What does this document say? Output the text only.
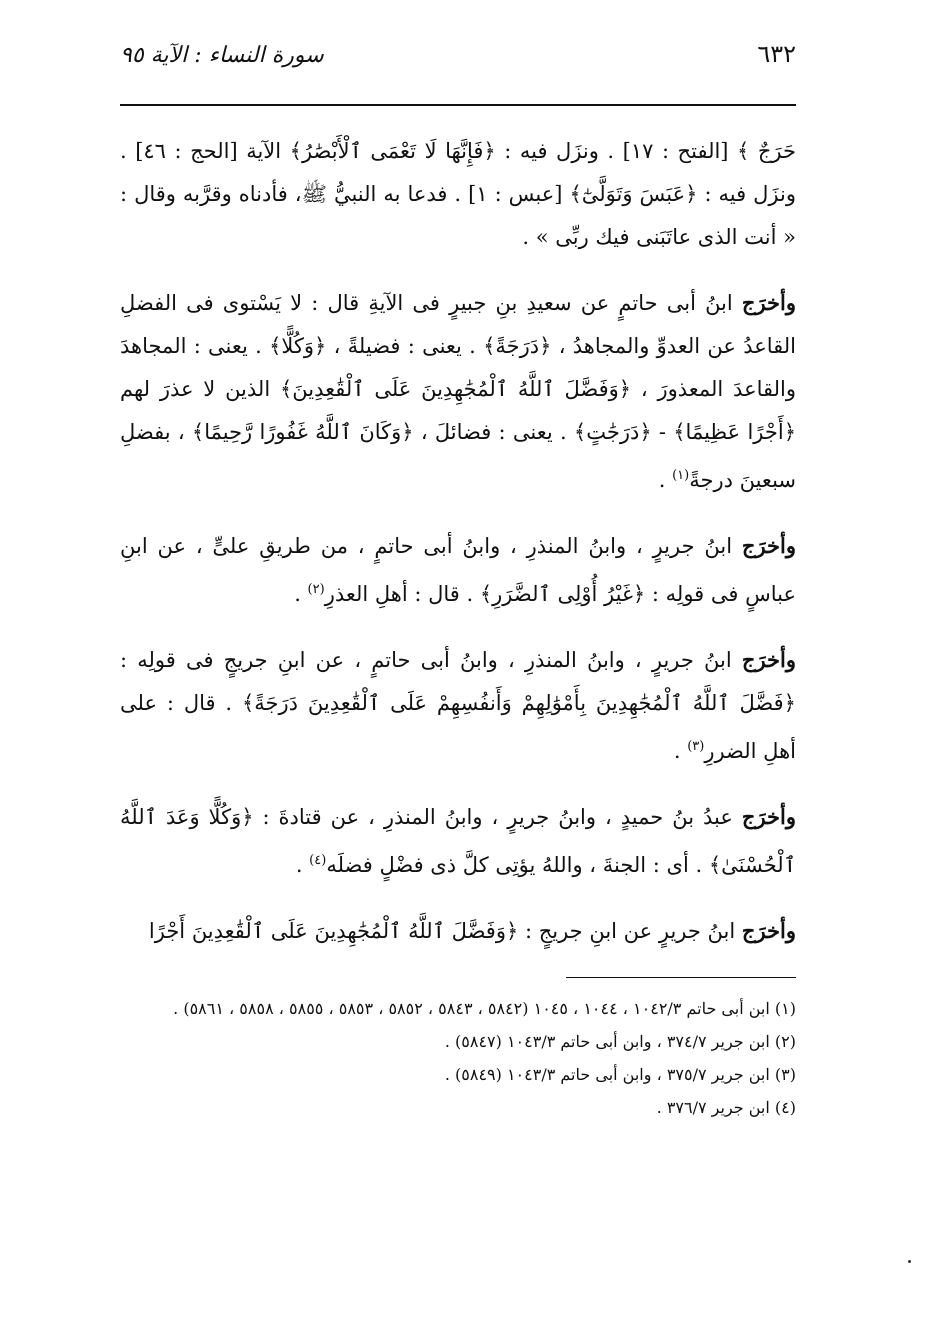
٦٣٢
سورة النساء : الآية ٩٥

حَرَجٌ ﴾ [الفتح : ١٧] . ونزَل فيه : ﴿فَإِنَّهَا لَا تَعْمَى ٱلْأَبْصَٰرُ﴾ الآية [الحج : ٤٦] . ونزَل فيه : ﴿عَبَسَ وَتَوَلَّىٰٓ﴾ [عبس : ١] . فدعا به النبيُّ ﷺ، فأدناه وقرَّبه وقال : « أنت الذى عاتَبَنى فيك ربِّى » .

وأخرَج ابنُ أبى حاتمٍ عن سعيدِ بنِ جبيرٍ فى الآيةِ قال : لا يَسْتوى فى الفضلِ القاعدُ عن العدوِّ والمجاهدُ ، ﴿دَرَجَةً﴾ . يعنى : فضيلةً ، ﴿وَكُلًّا﴾ . يعنى : المجاهدَ والقاعدَ المعذورَ ، ﴿وَفَضَّلَ ٱللَّهُ ٱلْمُجَٰهِدِينَ عَلَى ٱلْقَٰعِدِينَ﴾ الذين لا عذرَ لهم ﴿أَجْرًا عَظِيمًا﴾ - ﴿دَرَجَٰتٍ﴾ . يعنى : فضائلَ ، ﴿وَكَانَ ٱللَّهُ غَفُورًا رَّحِيمًا﴾ ، بفضلِ سبعينَ درجةً$^{(١)}$ .

وأخرَج ابنُ جريرٍ ، وابنُ المنذرِ ، وابنُ أبى حاتمٍ ، من طريقِ علىٍّ ، عن ابنِ عباسٍ فى قولِه : ﴿غَيْرُ أُوْلِى ٱلضَّرَرِ﴾ . قال : أهلِ العذرِ$^{(٢)}$ .

وأخرَج ابنُ جريرٍ ، وابنُ المنذرِ ، وابنُ أبى حاتمٍ ، عن ابنِ جريجٍ فى قولِه : ﴿فَضَّلَ ٱللَّهُ ٱلْمُجَٰهِدِينَ بِأَمْوَٰلِهِمْ وَأَنفُسِهِمْ عَلَى ٱلْقَٰعِدِينَ دَرَجَةً﴾ . قال : على أهلِ الضررِ$^{(٣)}$ .

وأخرَج عبدُ بنُ حميدٍ ، وابنُ جريرٍ ، وابنُ المنذرِ ، عن قتادةَ : ﴿وَكُلًّا وَعَدَ ٱللَّهُ ٱلْحُسْنَىٰ﴾ . أى : الجنةَ ، واللهُ يؤتِى كلَّ ذى فضْلٍ فضلَه$^{(٤)}$ .

وأخرَج ابنُ جريرٍ عن ابنِ جريجٍ : ﴿وَفَضَّلَ ٱللَّهُ ٱلْمُجَٰهِدِينَ عَلَى ٱلْقَٰعِدِينَ أَجْرًا

(١) ابن أبى حاتم ١٠٤٢/٣ ، ١٠٤٤ ، ١٠٤٥ (٥٨٤٢ ، ٥٨٤٣ ، ٥٨٥٢ ، ٥٨٥٣ ، ٥٨٥٥ ، ٥٨٥٨ ، ٥٨٦١) .

(٢) ابن جرير ٣٧٤/٧ ، وابن أبى حاتم ١٠٤٣/٣ (٥٨٤٧) .

(٣) ابن جرير ٣٧٥/٧ ، وابن أبى حاتم ١٠٤٣/٣ (٥٨٤٩) .

(٤) ابن جرير ٣٧٦/٧ .
